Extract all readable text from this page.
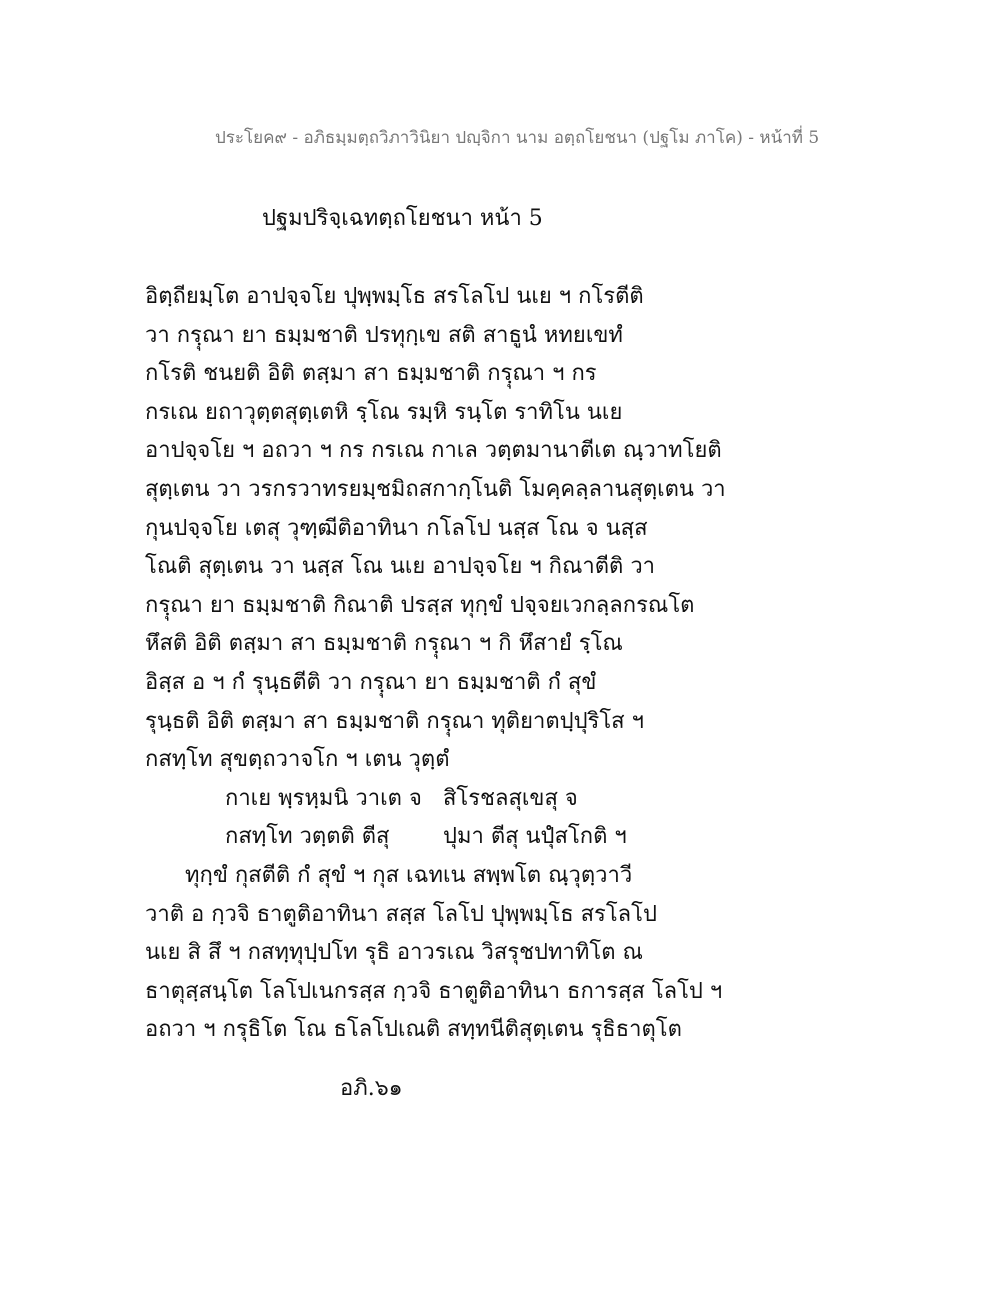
ประโยค๙ - อภิธมฺมตฺถวิภาวินิยา ปญฺจิกา นาม อตฺถโยชนา (ปฐโม ภาโค) - หน้าที่ 5
ปฐมปริจฺเฉทตฺถโยชนา หน้า 5
อิตฺถียมฺโต อาปจฺจโย ปุพฺพมฺโธ สรโลโป นเย ฯ กโรตีติ
วา กรฺุณา ยา ธมฺมชาติ ปรทุกฺเข สติ สาธูนํ หทยเขทํ
กโรติ ชนยติ อิติ ตสฺมา สา ธมฺมชาติ กรฺุณา ฯ กร
กรเณ ยถาวุตฺตสุตฺเตหิ รฺโณ รมฺหิ รนฺโต ราทิโน นเย
อาปจฺจโย ฯ อถวา ฯ กร กรเณ กาเล วตฺตมานาตีเต ณฺวาทโยติ
สุตฺเตน วา วรกรวาทรยมฺชมิถสกากฺโนติ โมคฺคลฺลานสุตฺเตน วา
กุนปจฺจโย เตสุ วุฑฺฒีติอาทินา กโลโป นสฺส โณ จ นสฺส
โณติ สุตฺเตน วา นสฺส โณ นเย อาปจฺจโย ฯ กิณาตีติ วา
กรฺุณา ยา ธมฺมชาติ กิณาติ ปรสฺส ทุกฺขํ ปจฺจยเวกลฺลกรณโต
หึสติ อิติ ตสฺมา สา ธมฺมชาติ กรฺุณา ฯ กิ หึสายํ รฺโณ
อิสฺส อ ฯ กํ รุนฺธตีติ วา กรฺุณา ยา ธมฺมชาติ กํ สุขํ
รุนฺธติ อิติ ตสฺมา สา ธมฺมชาติ กรฺุณา ทุติยาตปฺปุริโส ฯ
กสทฺโท สุขตฺถวาจโก ฯ เตน วุตฺตํ
กาเย พฺรหฺมนิ วาเต จ สิโรชลสุเขสุ จ
กสทฺโท วตฺตติ ตีสุ ปุมา ตีสุ นปุํสโกติ ฯ
ทุกฺขํ กุสตีติ กํ สุขํ ฯ กุส เฉทเน สพฺพโต ณฺวุตฺวาวี
วาติ อ กฺวจิ ธาตูติอาทินา สสฺส โลโป ปุพฺพมฺโธ สรโลโป
นเย สิ สึ ฯ กสทฺทุปฺปโท รุธิ อาวรเณ วิสรุชปทาทิโต ณ
ธาตุสฺสนฺโต โลโปเนกรสฺส กฺวจิ ธาตูติอาทินา ธการสฺส โลโป ฯ
อถวา ฯ กรุธิโต โณ ธโลโปเณติ สทฺทนีติสุตฺเตน รุธิธาตุโต
อภิ.๖๑
